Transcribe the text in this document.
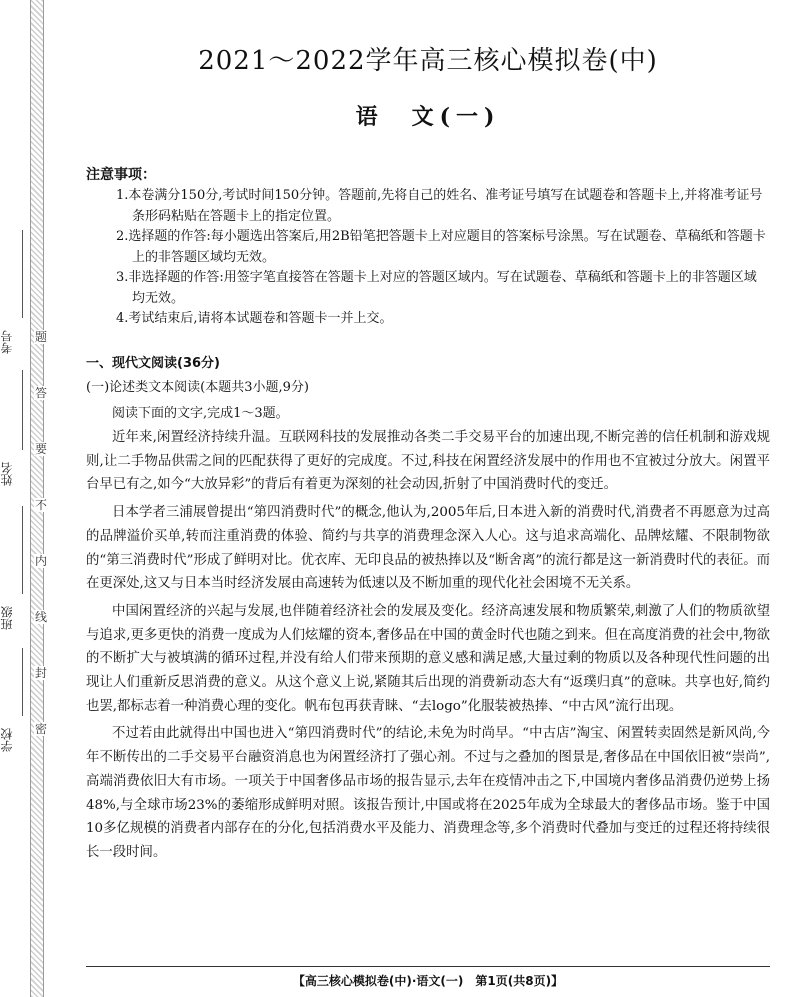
题
答
要
不
内
线
封
密
考号
姓名
班级
学校
2021～2022学年高三核心模拟卷(中)
语　文(一)
注意事项：

1.本卷满分150分,考试时间150分钟。答题前,先将自己的姓名、准考证号填写在试题卷和答题卡上,并将准考证号条形码粘贴在答题卡上的指定位置。

2.选择题的作答:每小题选出答案后,用2B铅笔把答题卡上对应题目的答案标号涂黑。写在试题卷、草稿纸和答题卡上的非答题区域均无效。

3.非选择题的作答:用签字笔直接答在答题卡上对应的答题区域内。写在试题卷、草稿纸和答题卡上的非答题区域均无效。

4.考试结束后,请将本试题卷和答题卡一并上交。

一、现代文阅读(36分)
(一)论述类文本阅读(本题共3小题,9分)
阅读下面的文字,完成1～3题。

近年来,闲置经济持续升温。互联网科技的发展推动各类二手交易平台的加速出现,不断完善的信任机制和游戏规则,让二手物品供需之间的匹配获得了更好的完成度。不过,科技在闲置经济发展中的作用也不宜被过分放大。闲置平台早已有之,如今“大放异彩”的背后有着更为深刻的社会动因,折射了中国消费时代的变迁。

日本学者三浦展曾提出“第四消费时代”的概念,他认为,2005年后,日本进入新的消费时代,消费者不再愿意为过高的品牌溢价买单,转而注重消费的体验、简约与共享的消费理念深入人心。这与追求高端化、品牌炫耀、不限制物欲的“第三消费时代”形成了鲜明对比。优衣库、无印良品的被热捧以及“断舍离”的流行都是这一新消费时代的表征。而在更深处,这又与日本当时经济发展由高速转为低速以及不断加重的现代化社会困境不无关系。

中国闲置经济的兴起与发展,也伴随着经济社会的发展及变化。经济高速发展和物质繁荣,刺激了人们的物质欲望与追求,更多更快的消费一度成为人们炫耀的资本,奢侈品在中国的黄金时代也随之到来。但在高度消费的社会中,物欲的不断扩大与被填满的循环过程,并没有给人们带来预期的意义感和满足感,大量过剩的物质以及各种现代性问题的出现让人们重新反思消费的意义。从这个意义上说,紧随其后出现的消费新动态大有“返璞归真”的意味。共享也好,简约也罢,都标志着一种消费心理的变化。帆布包再获青睐、“去logo”化服装被热捧、“中古风”流行出现。

不过若由此就得出中国也进入“第四消费时代”的结论,未免为时尚早。“中古店”淘宝、闲置转卖固然是新风尚,今年不断传出的二手交易平台融资消息也为闲置经济打了强心剂。不过与之叠加的图景是,奢侈品在中国依旧被“崇尚”,高端消费依旧大有市场。一项关于中国奢侈品市场的报告显示,去年在疫情冲击之下,中国境内奢侈品消费仍逆势上扬48%,与全球市场23%的萎缩形成鲜明对照。该报告预计,中国或将在2025年成为全球最大的奢侈品市场。鉴于中国10多亿规模的消费者内部存在的分化,包括消费水平及能力、消费理念等,多个消费时代叠加与变迁的过程还将持续很长一段时间。

【高三核心模拟卷(中)·语文(一)　第1页(共8页)】
